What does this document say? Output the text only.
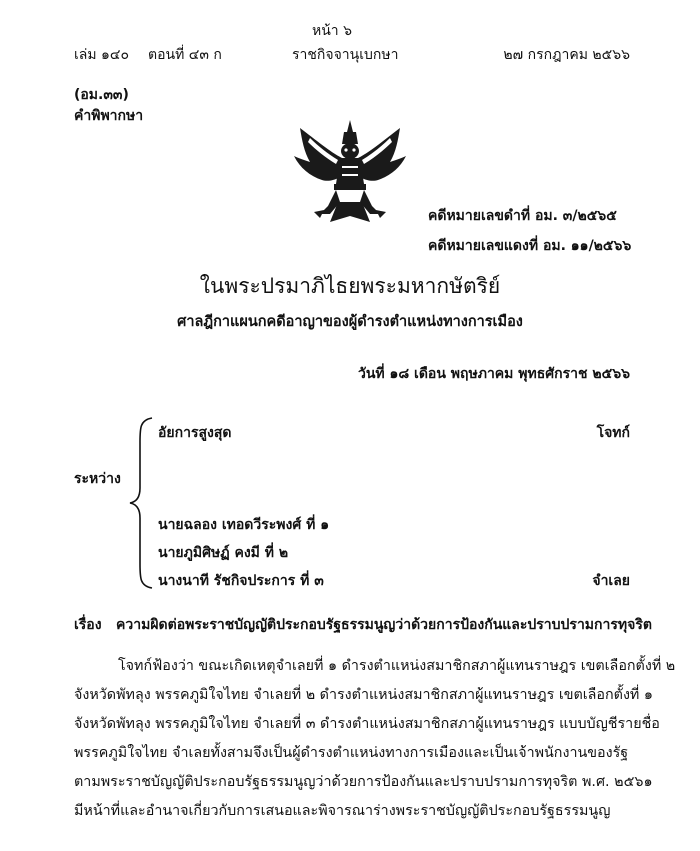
หน้า ๖
เล่ม ๑๔๐ ตอนที่ ๔๓ ก	ราชกิจจานุเบกษา	๒๗ กรกฎาคม ๒๕๖๖
(อม.๓๓)
คำพิพากษา
คดีหมายเลขดำที่ อม. ๓/๒๕๖๕
คดีหมายเลขแดงที่ อม. ๑๑/๒๕๖๖
ในพระปรมาภิไธยพระมหากษัตริย์
ศาลฎีกาแผนกคดีอาญาของผู้ดำรงตำแหน่งทางการเมือง
วันที่ ๑๘ เดือน พฤษภาคม พุทธศักราช ๒๕๖๖
อัยการสูงสุด	โจทก์
ระหว่าง
นายฉลอง เทอดวีระพงศ์ ที่ ๑
นายภูมิศิษฏ์ คงมี ที่ ๒
นางนาที รัชกิจประการ ที่ ๓	จำเลย
เรื่อง ความผิดต่อพระราชบัญญัติประกอบรัฐธรรมนูญว่าด้วยการป้องกันและปราบปรามการทุจริต
โจทก์ฟ้องว่า ขณะเกิดเหตุจำเลยที่ ๑ ดำรงตำแหน่งสมาชิกสภาผู้แทนราษฎร เขตเลือกตั้งที่ ๒
จังหวัดพัทลุง พรรคภูมิใจไทย จำเลยที่ ๒ ดำรงตำแหน่งสมาชิกสภาผู้แทนราษฎร เขตเลือกตั้งที่ ๑
จังหวัดพัทลุง พรรคภูมิใจไทย จำเลยที่ ๓ ดำรงตำแหน่งสมาชิกสภาผู้แทนราษฎร แบบบัญชีรายชื่อ
พรรคภูมิใจไทย จำเลยทั้งสามจึงเป็นผู้ดำรงตำแหน่งทางการเมืองและเป็นเจ้าพนักงานของรัฐ
ตามพระราชบัญญัติประกอบรัฐธรรมนูญว่าด้วยการป้องกันและปราบปรามการทุจริต พ.ศ. ๒๕๖๑
มีหน้าที่และอำนาจเกี่ยวกับการเสนอและพิจารณาร่างพระราชบัญญัติประกอบรัฐธรรมนูญ
